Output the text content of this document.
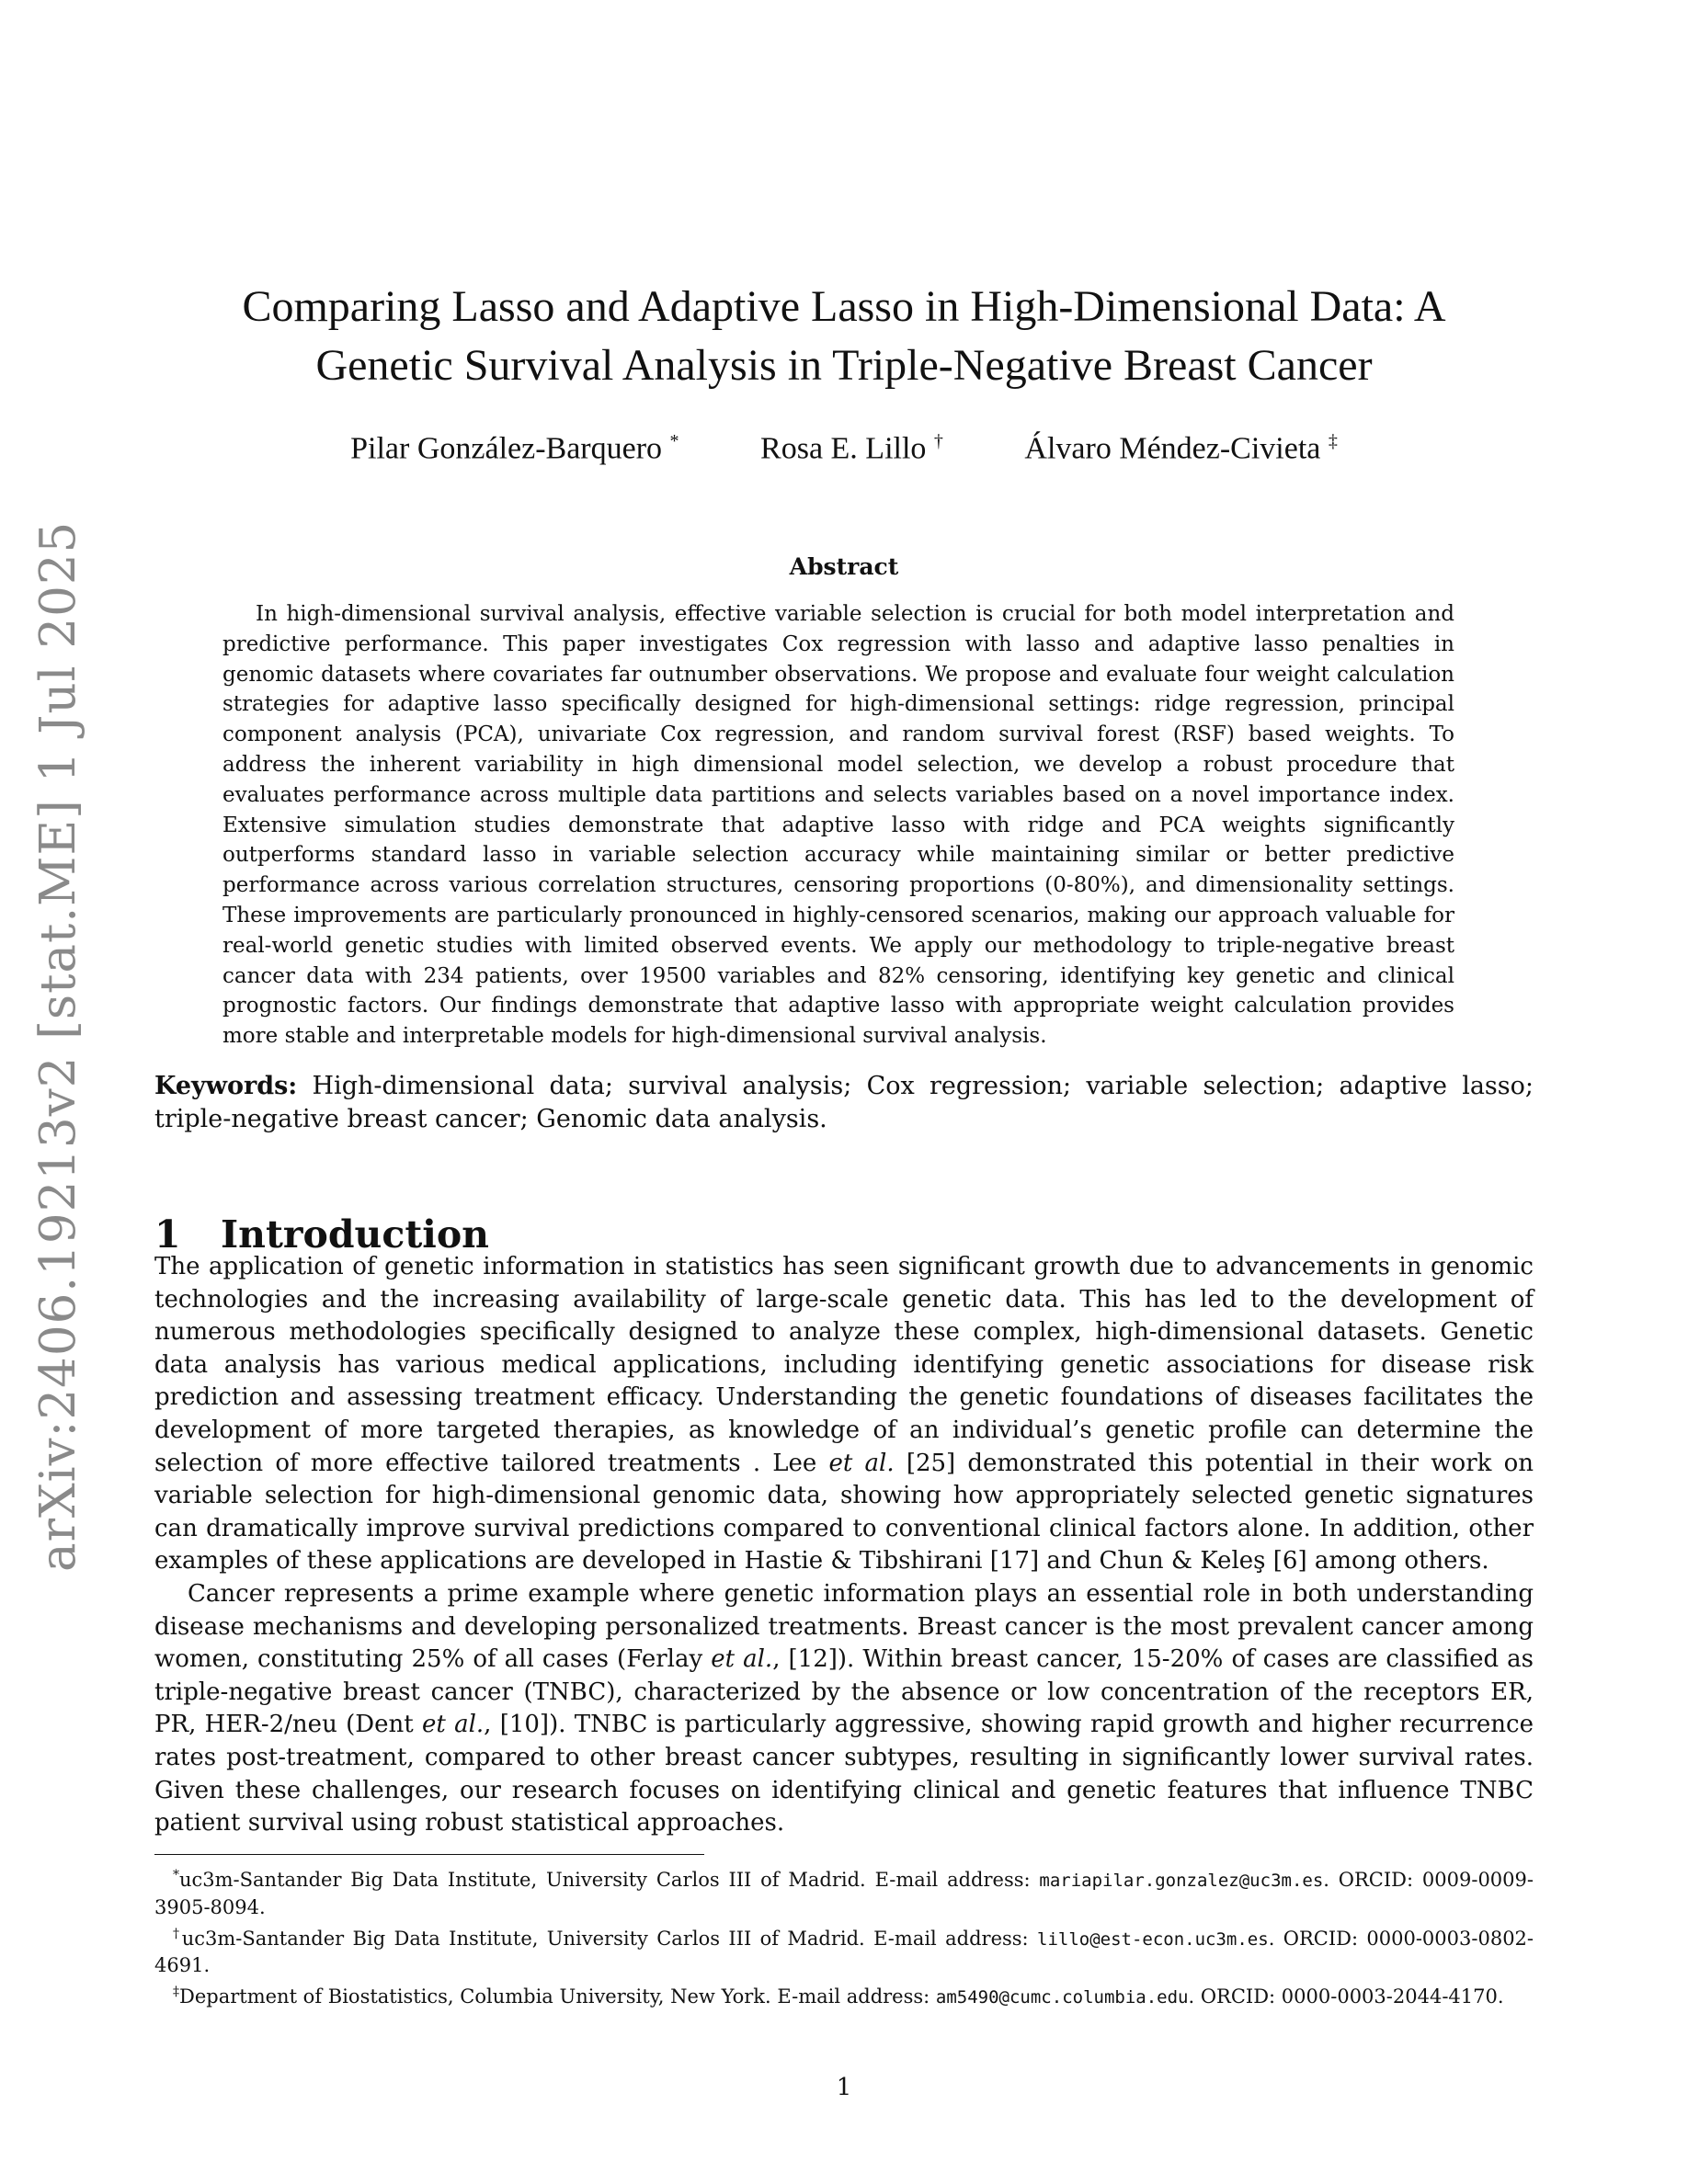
arXiv:2406.19213v2 [stat.ME] 1 Jul 2025
Comparing Lasso and Adaptive Lasso in High-Dimensional Data: A
Genetic Survival Analysis in Triple-Negative Breast Cancer
Pilar González-Barquero *	Rosa E. Lillo †	Álvaro Méndez-Civieta ‡
Abstract

In high-dimensional survival analysis, effective variable selection is crucial for both model interpretation and predictive performance. This paper investigates Cox regression with lasso and adaptive lasso penalties in genomic datasets where covariates far outnumber observations. We propose and evaluate four weight calculation strategies for adaptive lasso specifically designed for high-dimensional settings: ridge regression, principal component analysis (PCA), univariate Cox regression, and random survival forest (RSF) based weights. To address the inherent variability in high dimensional model selection, we develop a robust procedure that evaluates performance across multiple data partitions and selects variables based on a novel importance index. Extensive simulation studies demonstrate that adaptive lasso with ridge and PCA weights significantly outperforms standard lasso in variable selection accuracy while maintaining similar or better predictive performance across various correlation structures, censoring proportions (0-80%), and dimensionality settings. These improvements are particularly pronounced in highly-censored scenarios, making our approach valuable for real-world genetic studies with limited observed events. We apply our methodology to triple-negative breast cancer data with 234 patients, over 19500 variables and 82% censoring, identifying key genetic and clinical prognostic factors. Our findings demonstrate that adaptive lasso with appropriate weight calculation provides more stable and interpretable models for high-dimensional survival analysis.

Keywords: High-dimensional data; survival analysis; Cox regression; variable selection; adaptive lasso; triple-negative breast cancer; Genomic data analysis.

1 Introduction

The application of genetic information in statistics has seen significant growth due to advancements in genomic technologies and the increasing availability of large-scale genetic data. This has led to the development of numerous methodologies specifically designed to analyze these complex, high-dimensional datasets. Genetic data analysis has various medical applications, including identifying genetic associations for disease risk prediction and assessing treatment efficacy. Understanding the genetic foundations of diseases facilitates the development of more targeted therapies, as knowledge of an individual’s genetic profile can determine the selection of more effective tailored treatments . Lee et al. [25] demonstrated this potential in their work on variable selection for high-dimensional genomic data, showing how appropriately selected genetic signatures can dramatically improve survival predictions compared to conventional clinical factors alone. In addition, other examples of these applications are developed in Hastie & Tibshirani [17] and Chun & Keleş [6] among others.

Cancer represents a prime example where genetic information plays an essential role in both understanding disease mechanisms and developing personalized treatments. Breast cancer is the most prevalent cancer among women, constituting 25% of all cases (Ferlay et al., [12]). Within breast cancer, 15-20% of cases are classified as triple-negative breast cancer (TNBC), characterized by the absence or low concentration of the receptors ER, PR, HER-2/neu (Dent et al., [10]). TNBC is particularly aggressive, showing rapid growth and higher recurrence rates post-treatment, compared to other breast cancer subtypes, resulting in significantly lower survival rates. Given these challenges, our research focuses on identifying clinical and genetic features that influence TNBC patient survival using robust statistical approaches.

*uc3m-Santander Big Data Institute, University Carlos III of Madrid. E-mail address: mariapilar.gonzalez@uc3m.es. ORCID: 0009-0009-3905-8094.

†uc3m-Santander Big Data Institute, University Carlos III of Madrid. E-mail address: lillo@est-econ.uc3m.es. ORCID: 0000-0003-0802-4691.

‡Department of Biostatistics, Columbia University, New York. E-mail address: am5490@cumc.columbia.edu. ORCID: 0000-0003-2044-4170.

1
